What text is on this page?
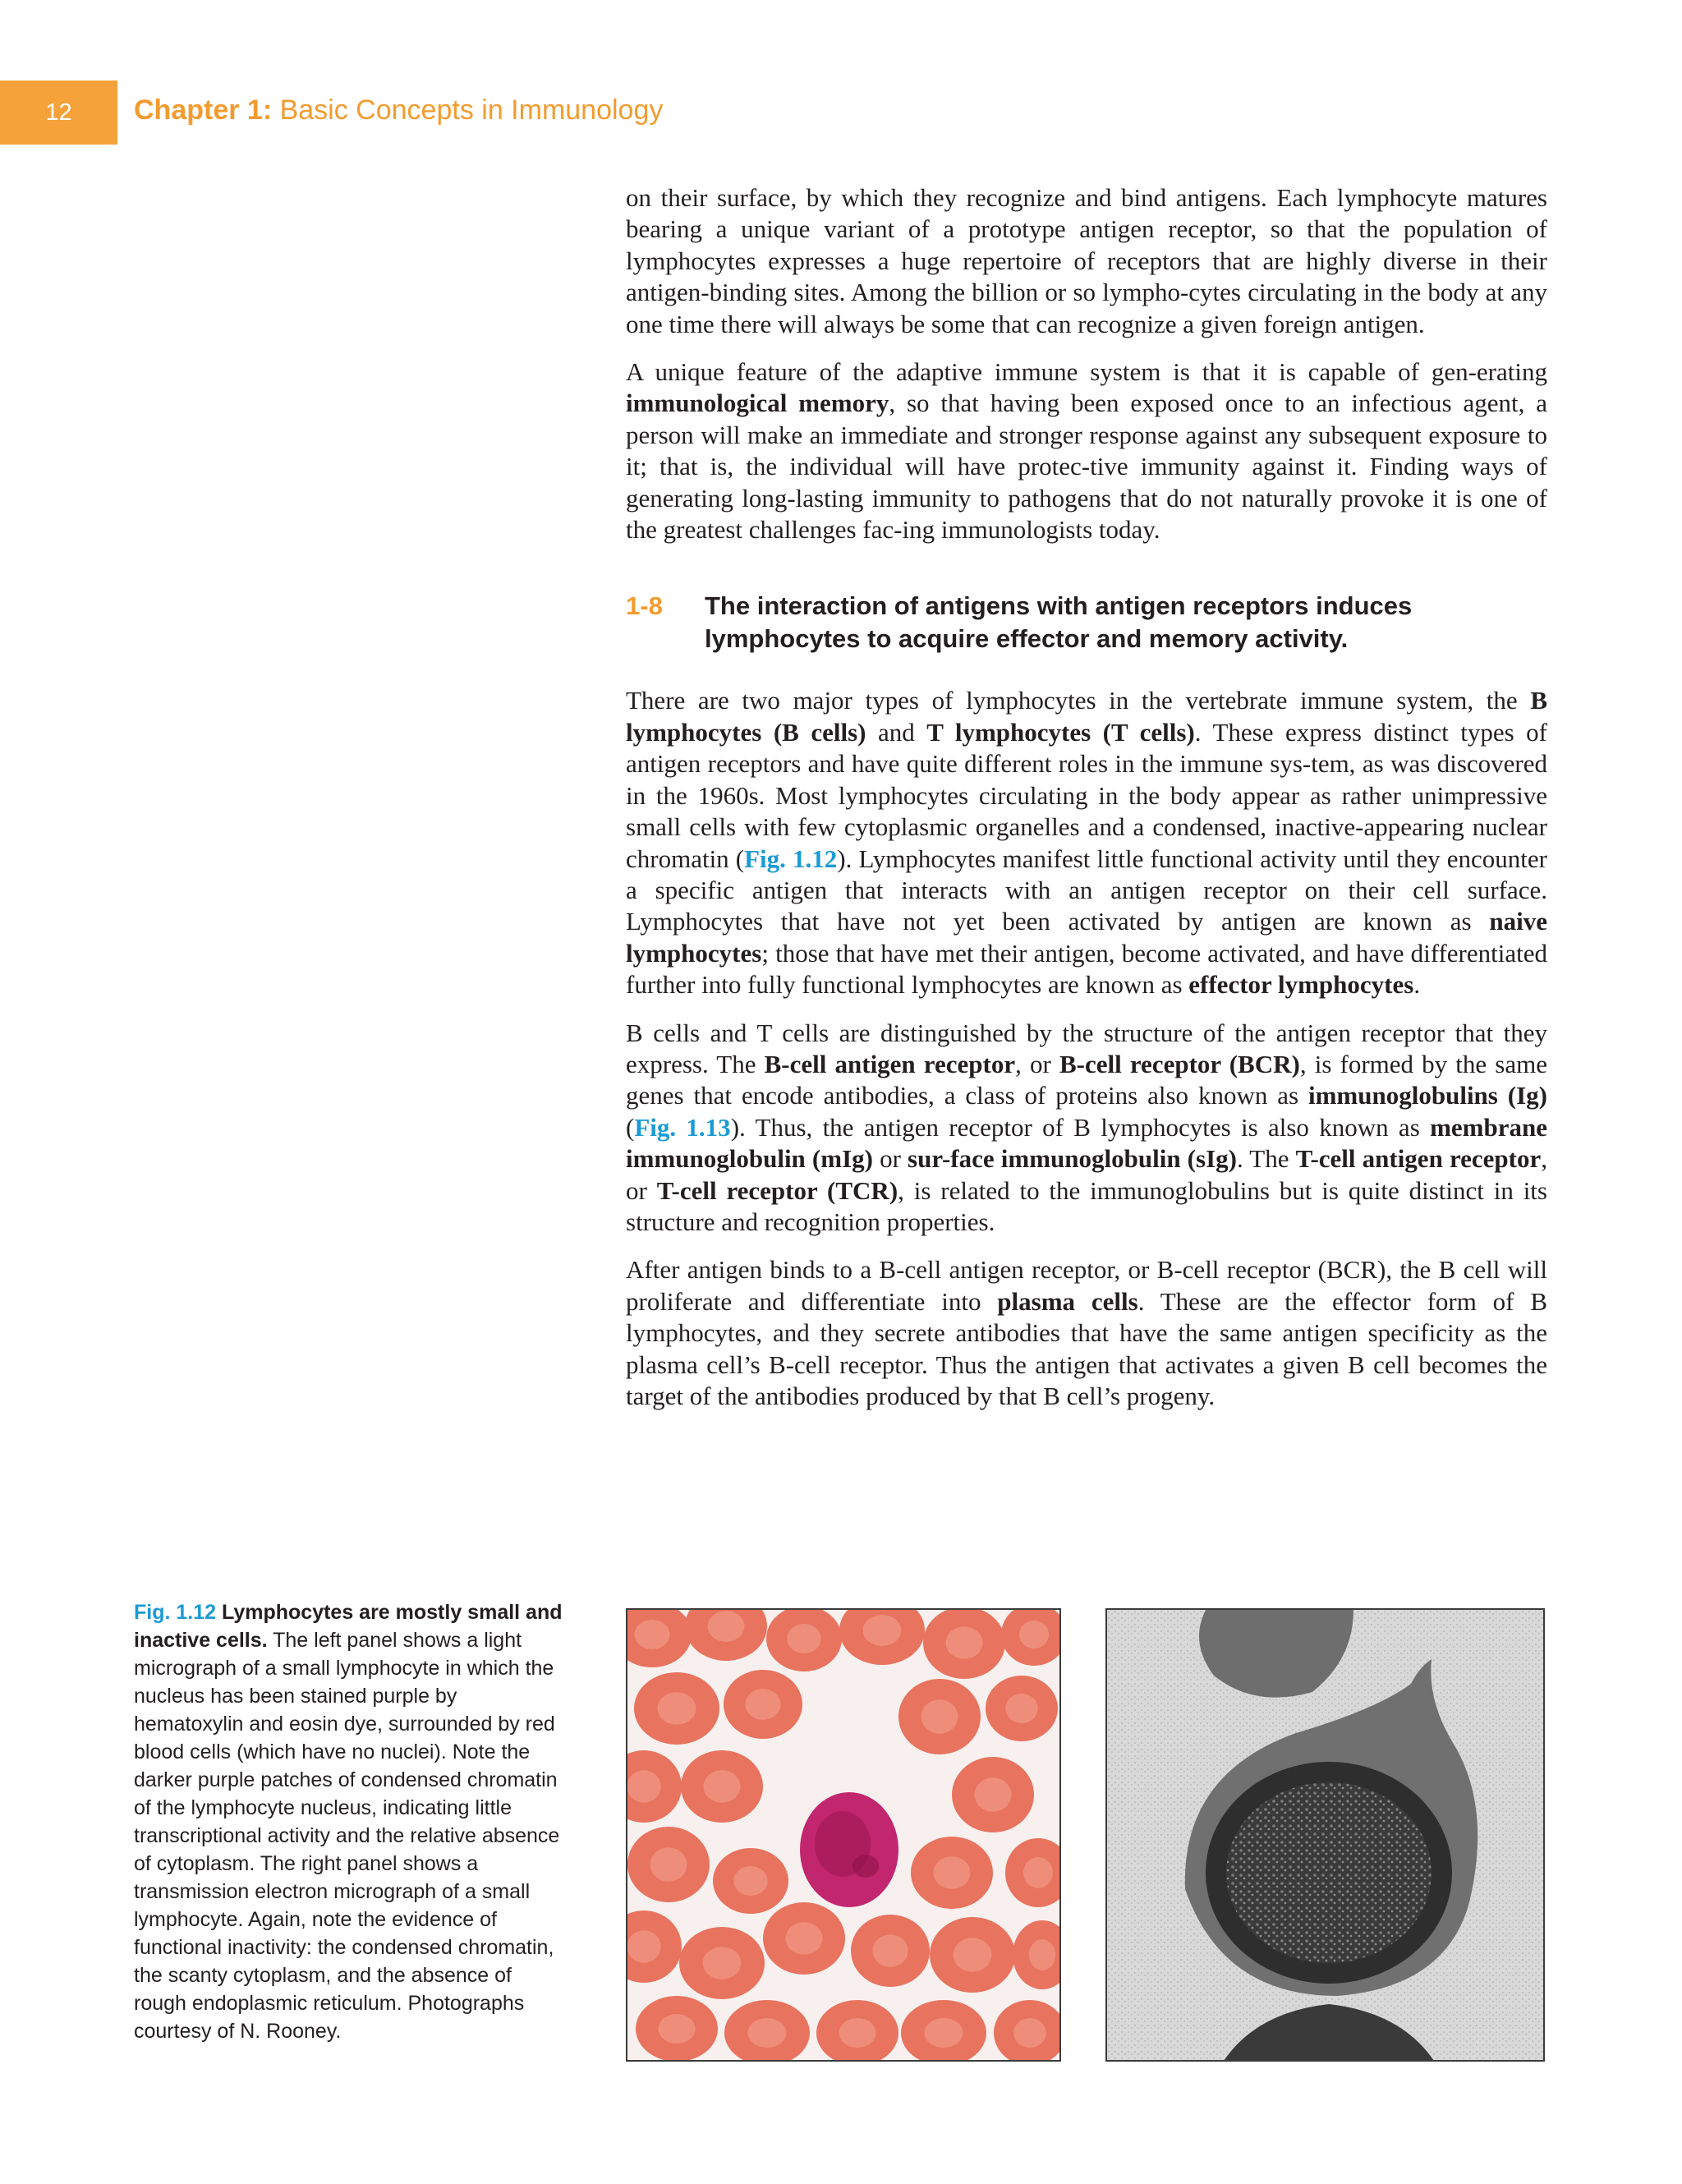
12	Chapter 1: Basic Concepts in Immunology

on their surface, by which they recognize and bind antigens. Each lymphocyte matures bearing a unique variant of a prototype antigen receptor, so that the population of lymphocytes expresses a huge repertoire of receptors that are highly diverse in their antigen-binding sites. Among the billion or so lympho-cytes circulating in the body at any one time there will always be some that can recognize a given foreign antigen.

A unique feature of the adaptive immune system is that it is capable of gen-erating immunological memory, so that having been exposed once to an infectious agent, a person will make an immediate and stronger response against any subsequent exposure to it; that is, the individual will have protec-tive immunity against it. Finding ways of generating long-lasting immunity to pathogens that do not naturally provoke it is one of the greatest challenges fac-ing immunologists today.

1-8	The interaction of antigens with antigen receptors induces lymphocytes to acquire effector and memory activity.

There are two major types of lymphocytes in the vertebrate immune system, the B lymphocytes (B cells) and T lymphocytes (T cells). These express distinct types of antigen receptors and have quite different roles in the immune sys-tem, as was discovered in the 1960s. Most lymphocytes circulating in the body appear as rather unimpressive small cells with few cytoplasmic organelles and a condensed, inactive-appearing nuclear chromatin (Fig. 1.12). Lymphocytes manifest little functional activity until they encounter a specific antigen that interacts with an antigen receptor on their cell surface. Lymphocytes that have not yet been activated by antigen are known as naive lymphocytes; those that have met their antigen, become activated, and have differentiated further into fully functional lymphocytes are known as effector lymphocytes.

B cells and T cells are distinguished by the structure of the antigen receptor that they express. The B-cell antigen receptor, or B-cell receptor (BCR), is formed by the same genes that encode antibodies, a class of proteins also known as immunoglobulins (Ig) (Fig. 1.13). Thus, the antigen receptor of B lymphocytes is also known as membrane immunoglobulin (mIg) or sur-face immunoglobulin (sIg). The T-cell antigen receptor, or T-cell receptor (TCR), is related to the immunoglobulins but is quite distinct in its structure and recognition properties.

After antigen binds to a B-cell antigen receptor, or B-cell receptor (BCR), the B cell will proliferate and differentiate into plasma cells. These are the effector form of B lymphocytes, and they secrete antibodies that have the same antigen specificity as the plasma cell’s B-cell receptor. Thus the antigen that activates a given B cell becomes the target of the antibodies produced by that B cell’s progeny.

Fig. 1.12 Lymphocytes are mostly small and inactive cells. The left panel shows a light micrograph of a small lymphocyte in which the nucleus has been stained purple by hematoxylin and eosin dye, surrounded by red blood cells (which have no nuclei). Note the darker purple patches of condensed chromatin of the lymphocyte nucleus, indicating little transcriptional activity and the relative absence of cytoplasm. The right panel shows a transmission electron micrograph of a small lymphocyte. Again, note the evidence of functional inactivity: the condensed chromatin, the scanty cytoplasm, and the absence of rough endoplasmic reticulum. Photographs courtesy of N. Rooney.
